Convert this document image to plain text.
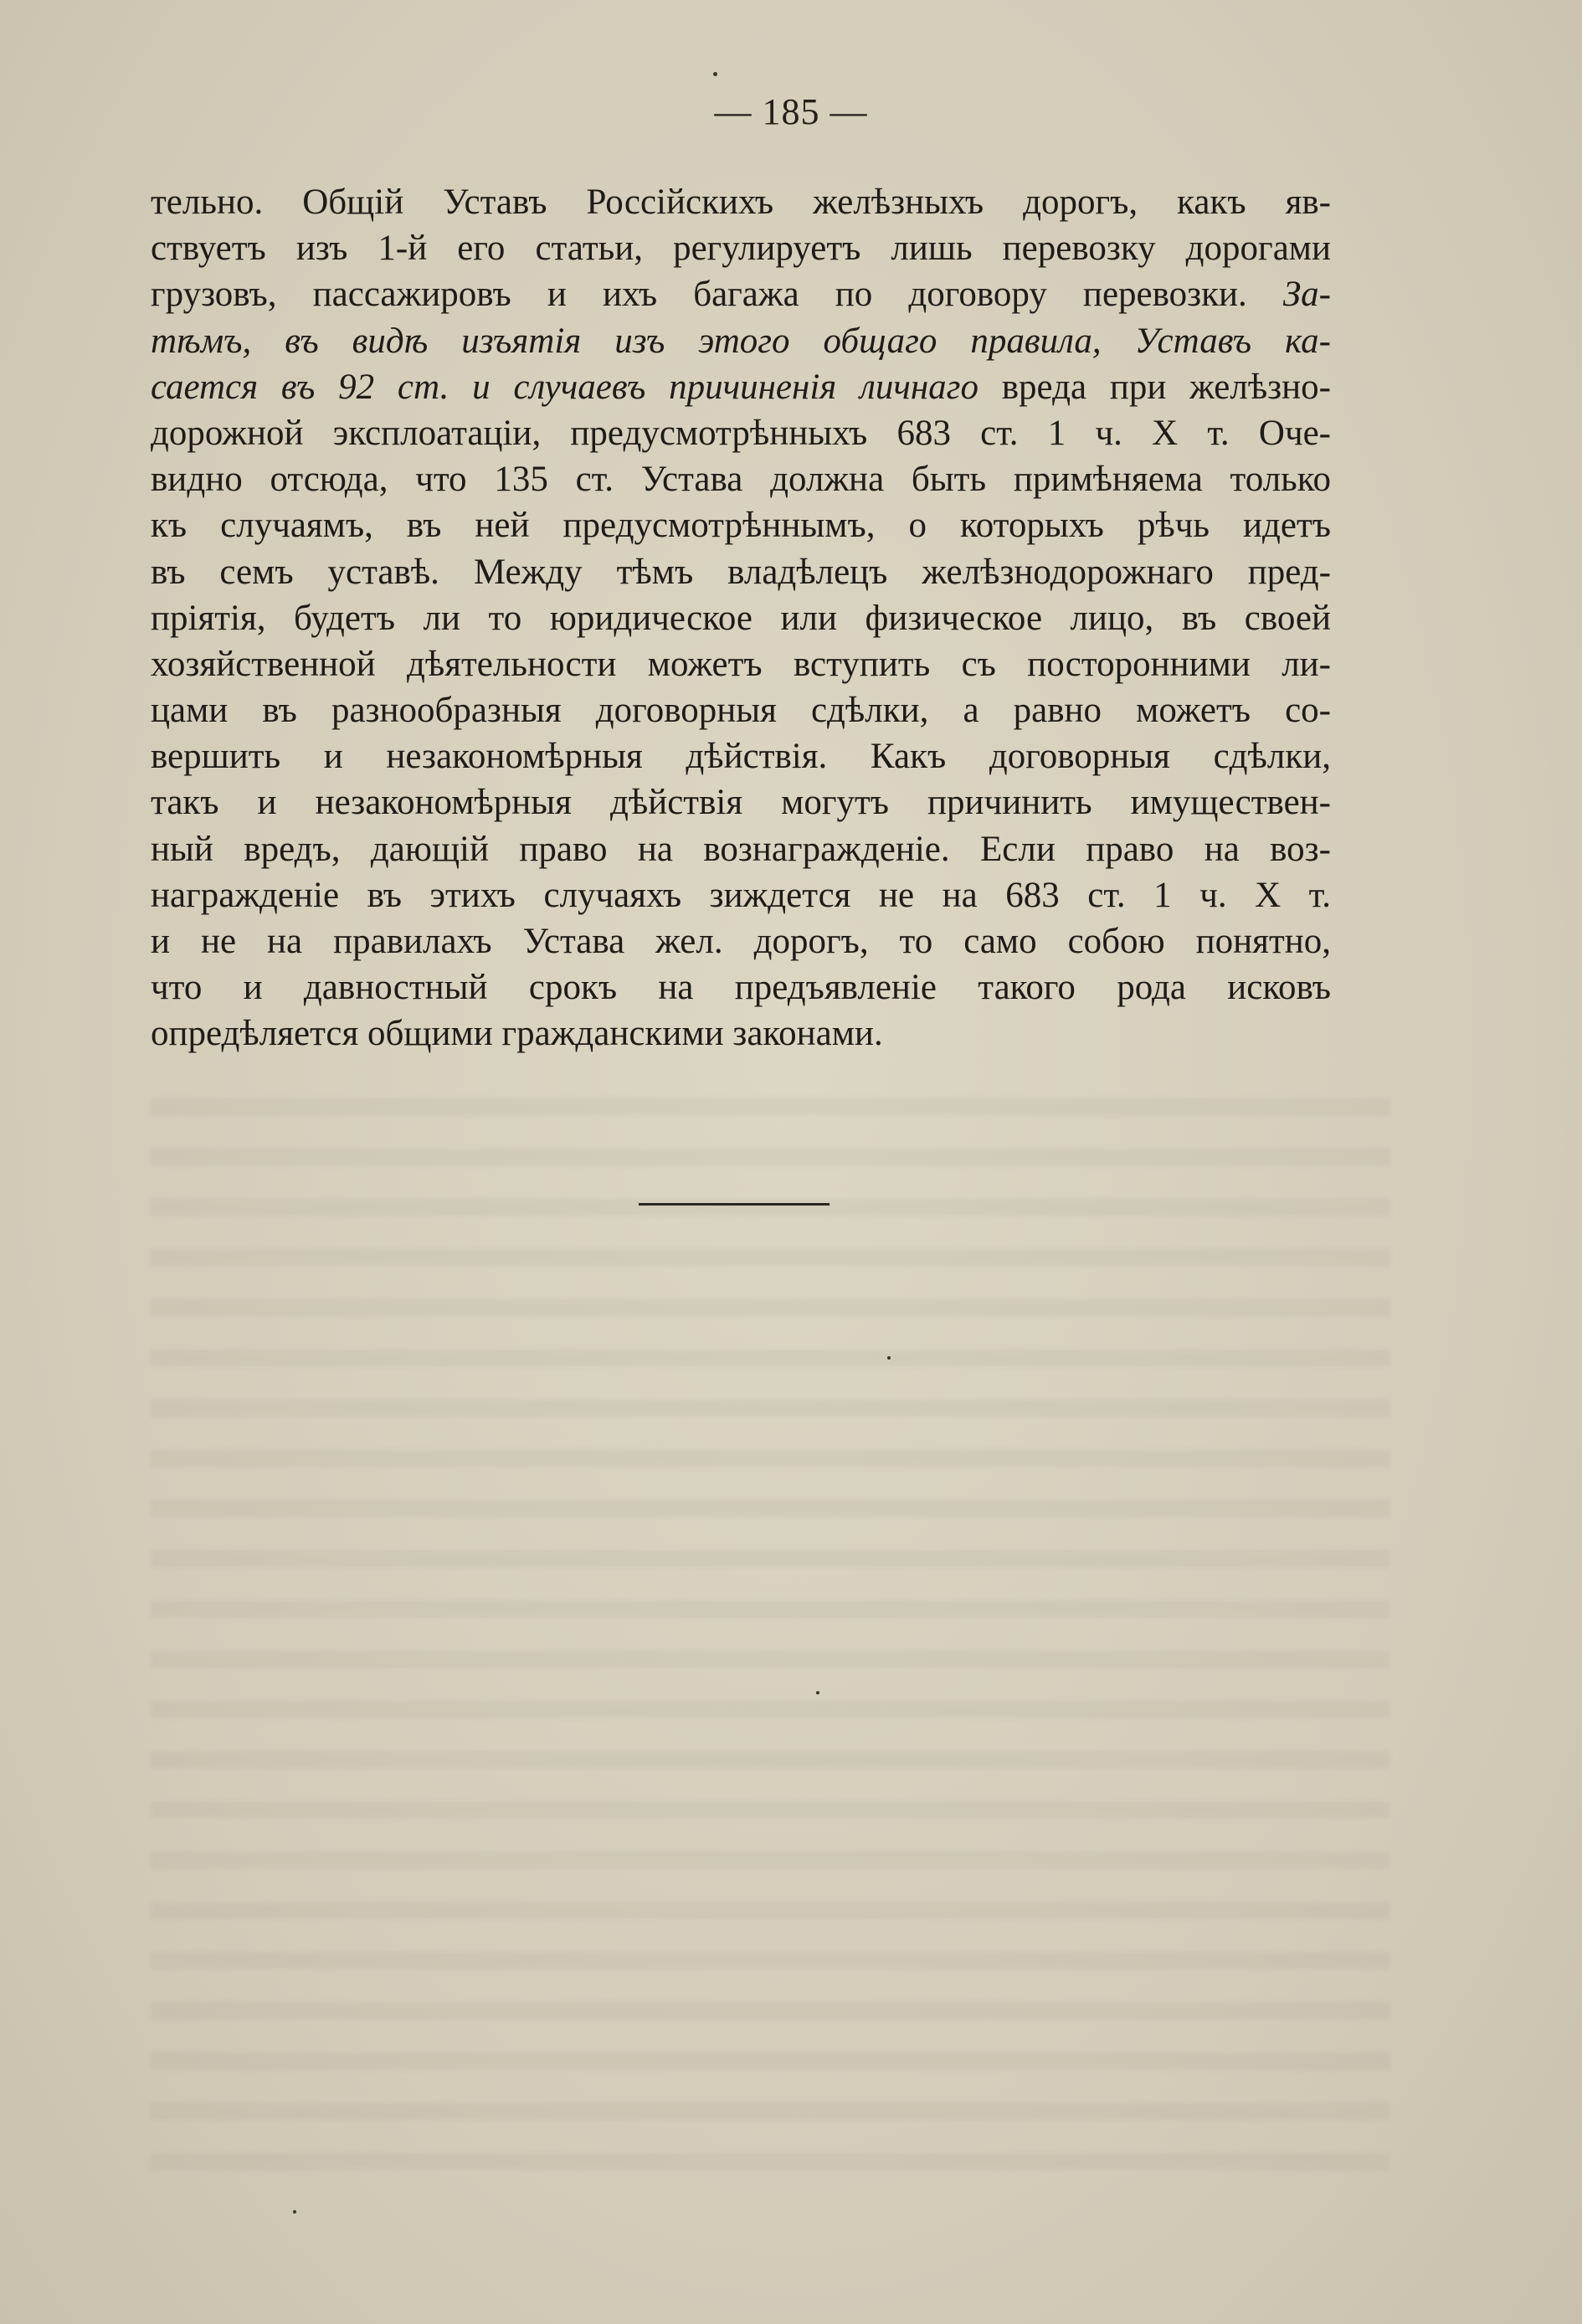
— 185 —
тельно. Общій Уставъ Россійскихъ желѣзныхъ дорогъ, какъ яв-
ствуетъ изъ 1-й его статьи, регулируетъ лишь перевозку дорогами
грузовъ, пассажировъ и ихъ багажа по договору перевозки. За-
тѣмъ, въ видѣ изъятія изъ этого общаго правила, Уставъ ка-
сается въ 92 ст. и случаевъ причиненія личнаго вреда при желѣзно-
дорожной эксплоатаціи, предусмотрѣнныхъ 683 ст. 1 ч. X т. Оче-
видно отсюда, что 135 ст. Устава должна быть примѣняема только
къ случаямъ, въ ней предусмотрѣннымъ, о которыхъ рѣчь идетъ
въ семъ уставѣ. Между тѣмъ владѣлецъ желѣзнодорожнаго пред-
пріятія, будетъ ли то юридическое или физическое лицо, въ своей
хозяйственной дѣятельности можетъ вступить съ посторонними ли-
цами въ разнообразныя договорныя сдѣлки, а равно можетъ со-
вершить и незакономѣрныя дѣйствія. Какъ договорныя сдѣлки,
такъ и незакономѣрныя дѣйствія могутъ причинить имуществен-
ный вредъ, дающій право на вознагражденіе. Если право на воз-
награжденіе въ этихъ случаяхъ зиждется не на 683 ст. 1 ч. X т.
и не на правилахъ Устава жел. дорогъ, то само собою понятно,
что и давностный срокъ на предъявленіе такого рода исковъ
опредѣляется общими гражданскими законами.
